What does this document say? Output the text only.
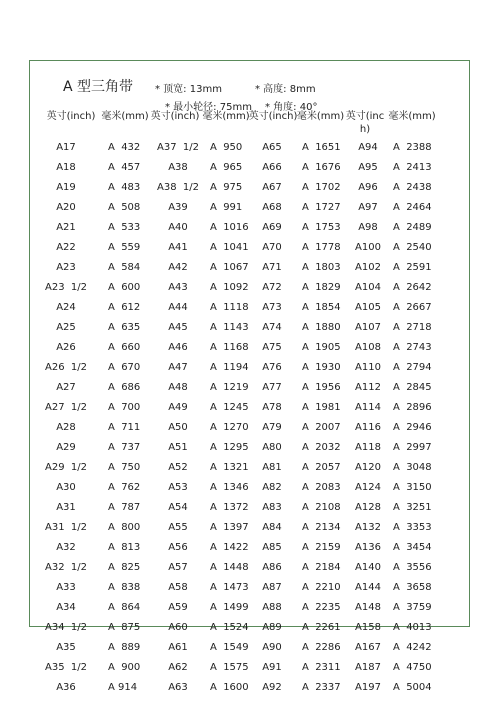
A 型三角带 * 顶宽: 13mm	* 高度: 8mm
* 最小轮径: 75mm * 角度: 40°
英寸(inch) 毫米(mm) 英寸(inch) 毫米(mm)
英寸(inch) 毫米(mm) 英寸(inc
h)
毫米(mm)
A17
A18
A19
A20
A21
A22
A23
A23  1/2
A24
A25
A26
A26  1/2
A27
A27  1/2
A28
A29
A29  1/2
A30
A31
A31  1/2
A32
A32  1/2
A33
A34
A34  1/2
A35
A35  1/2
A36
A  432
A  457
A  483
A  508
A  533
A  559
A  584
A  600
A  612
A  635
A  660
A  670
A  686
A  700
A  711
A  737
A  750
A  762
A  787
A  800
A  813
A  825
A  838
A  864
A  875
A  889
A  900
A 914
A37  1/2
A38
A38  1/2
A39
A40
A41
A42
A43
A44
A45
A46
A47
A48
A49
A50
A51
A52
A53
A54
A55
A56
A57
A58
A59
A60
A61
A62
A63
A  950
A  965
A  975
A  991
A  1016
A  1041
A  1067
A  1092
A  1118
A  1143
A  1168
A  1194
A  1219
A  1245
A  1270
A  1295
A  1321
A  1346
A  1372
A  1397
A  1422
A  1448
A  1473
A  1499
A  1524
A  1549
A  1575
A  1600
A65
A66
A67
A68
A69
A70
A71
A72
A73
A74
A75
A76
A77
A78
A79
A80
A81
A82
A83
A84
A85
A86
A87
A88
A89
A90
A91
A92
A  1651
A  1676
A  1702
A  1727
A  1753
A  1778
A  1803
A  1829
A  1854
A  1880
A  1905
A  1930
A  1956
A  1981
A  2007
A  2032
A  2057
A  2083
A  2108
A  2134
A  2159
A  2184
A  2210
A  2235
A  2261
A  2286
A  2311
A  2337
A94
A95
A96
A97
A98
A100
A102
A104
A105
A107
A108
A110
A112
A114
A116
A118
A120
A124
A128
A132
A136
A140
A144
A148
A158
A167
A187
A197
A  2388
A  2413
A  2438
A  2464
A  2489
A  2540
A  2591
A  2642
A  2667
A  2718
A  2743
A  2794
A  2845
A  2896
A  2946
A  2997
A  3048
A  3150
A  3251
A  3353
A  3454
A  3556
A  3658
A  3759
A  4013
A  4242
A  4750
A  5004
